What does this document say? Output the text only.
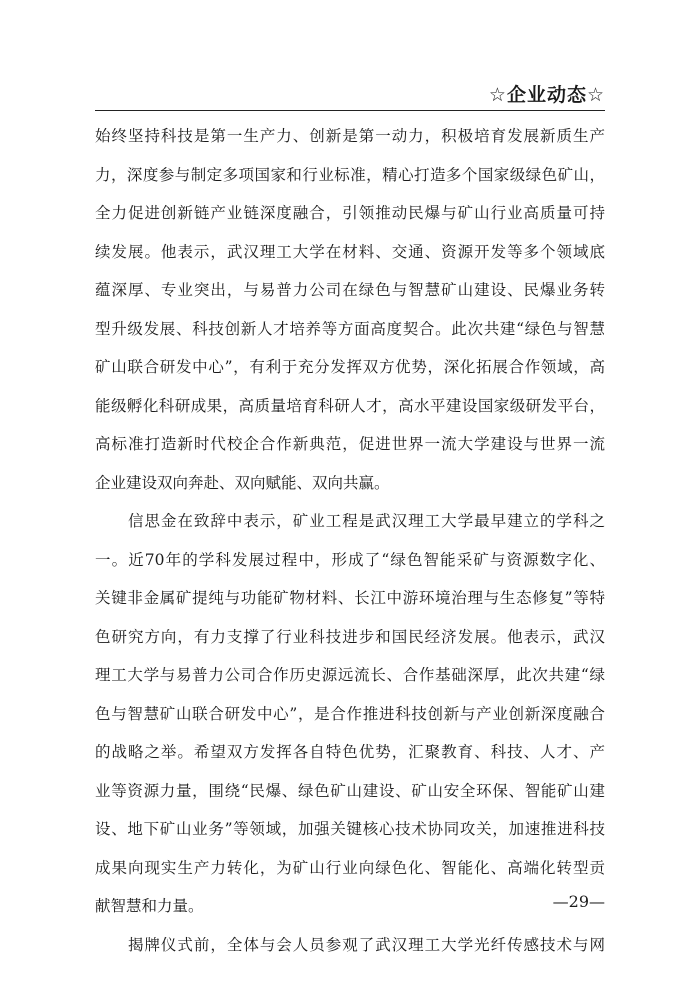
☆企业动态☆
始终坚持科技是第一生产力、创新是第一动力，积极培育发展新质生产
力，深度参与制定多项国家和行业标准，精心打造多个国家级绿色矿山，
全力促进创新链产业链深度融合，引领推动民爆与矿山行业高质量可持
续发展。他表示，武汉理工大学在材料、交通、资源开发等多个领域底
蕴深厚、专业突出，与易普力公司在绿色与智慧矿山建设、民爆业务转
型升级发展、科技创新人才培养等方面高度契合。此次共建“绿色与智慧
矿山联合研发中心”，有利于充分发挥双方优势，深化拓展合作领域，高
能级孵化科研成果，高质量培育科研人才，高水平建设国家级研发平台，
高标准打造新时代校企合作新典范，促进世界一流大学建设与世界一流
企业建设双向奔赴、双向赋能、双向共赢。
　　信思金在致辞中表示，矿业工程是武汉理工大学最早建立的学科之
一。近70年的学科发展过程中，形成了“绿色智能采矿与资源数字化、
关键非金属矿提纯与功能矿物材料、长江中游环境治理与生态修复”等特
色研究方向，有力支撑了行业科技进步和国民经济发展。他表示，武汉
理工大学与易普力公司合作历史源远流长、合作基础深厚，此次共建“绿
色与智慧矿山联合研发中心”，是合作推进科技创新与产业创新深度融合
的战略之举。希望双方发挥各自特色优势，汇聚教育、科技、人才、产
业等资源力量，围绕“民爆、绿色矿山建设、矿山安全环保、智能矿山建
设、地下矿山业务”等领域，加强关键核心技术协同攻关，加速推进科技
成果向现实生产力转化，为矿山行业向绿色化、智能化、高端化转型贡
献智慧和力量。
　　揭牌仪式前，全体与会人员参观了武汉理工大学光纤传感技术与网
—29—
